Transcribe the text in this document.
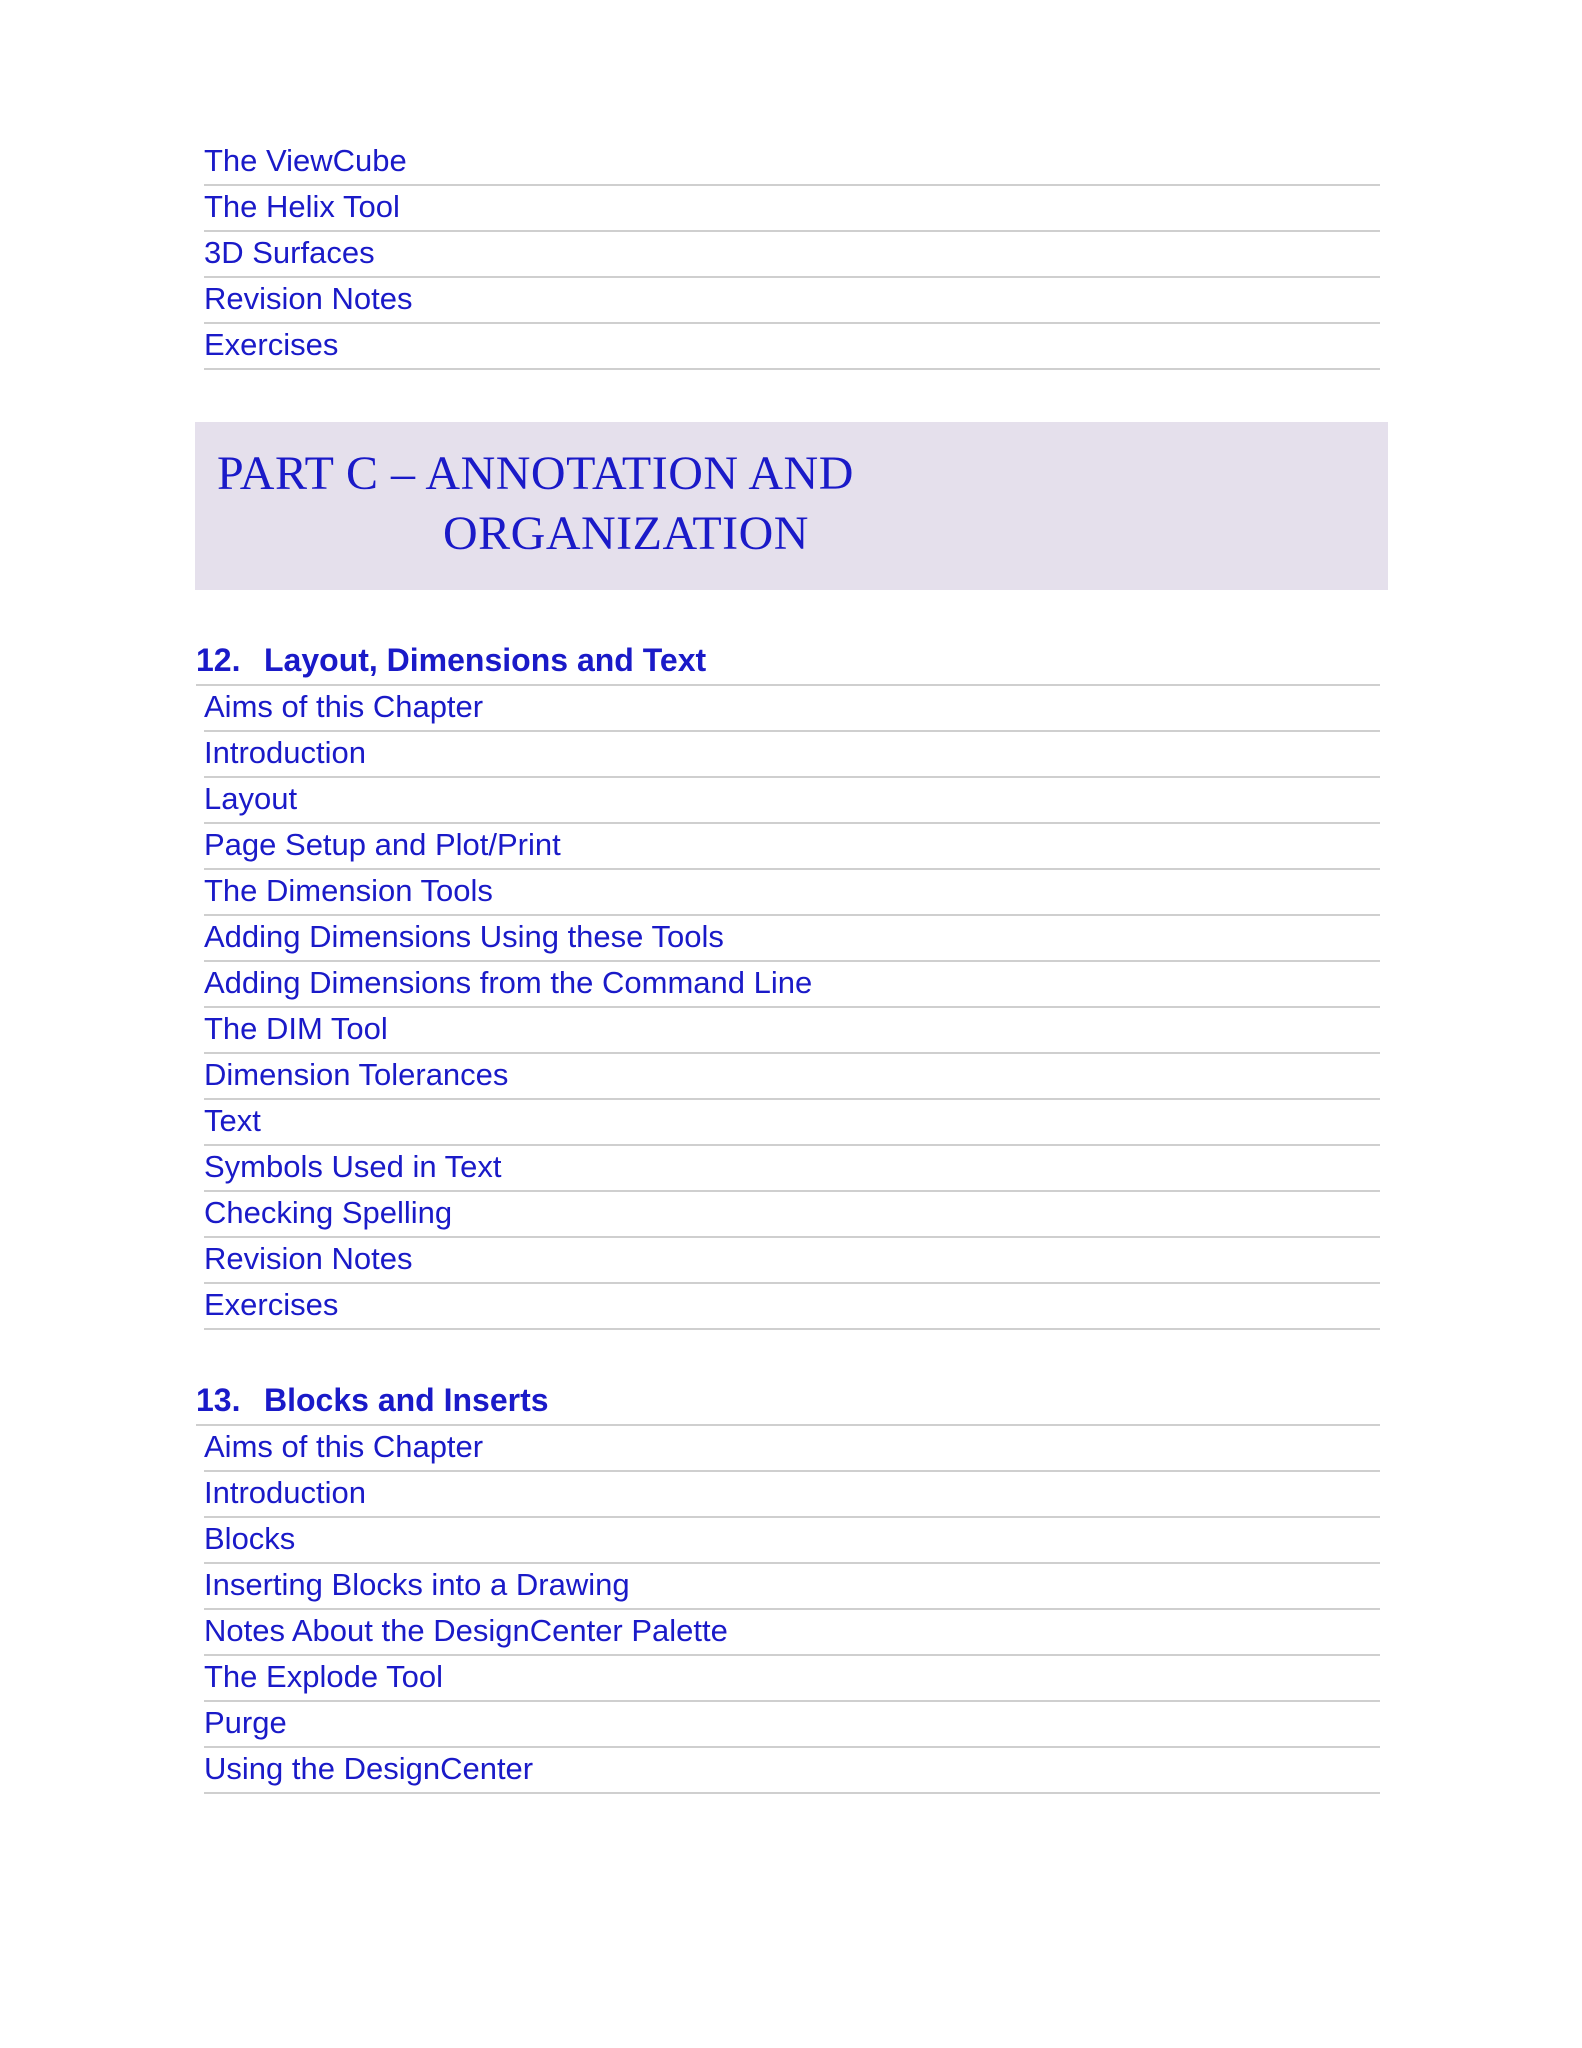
The ViewCube
The Helix Tool
3D Surfaces
Revision Notes
Exercises
PART C – ANNOTATION AND
ORGANIZATION
12. Layout, Dimensions and Text
Aims of this Chapter
Introduction
Layout
Page Setup and Plot/Print
The Dimension Tools
Adding Dimensions Using these Tools
Adding Dimensions from the Command Line
The DIM Tool
Dimension Tolerances
Text
Symbols Used in Text
Checking Spelling
Revision Notes
Exercises
13. Blocks and Inserts
Aims of this Chapter
Introduction
Blocks
Inserting Blocks into a Drawing
Notes About the DesignCenter Palette
The Explode Tool
Purge
Using the DesignCenter
